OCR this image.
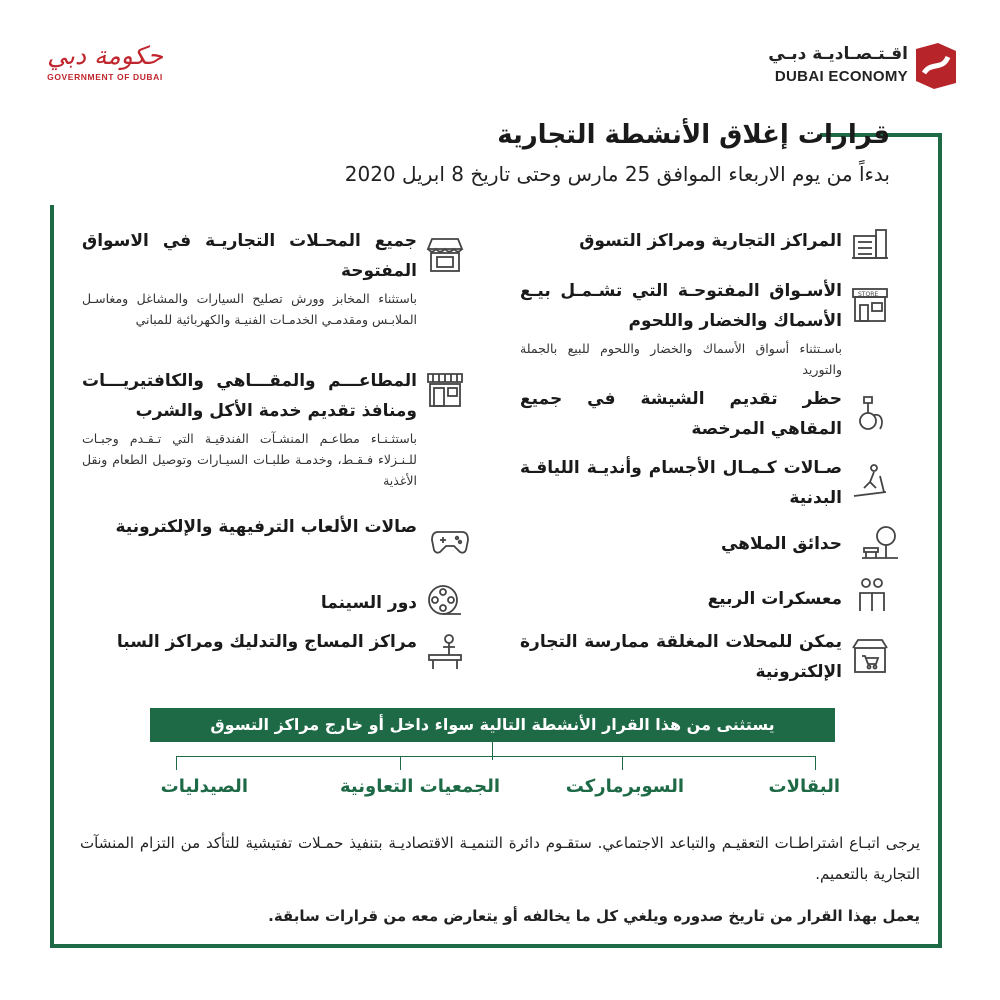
حكومة دبي
GOVERNMENT OF DUBAI
اقـتـصـاديـة دبـي
DUBAI ECONOMY
قرارات إغلاق الأنشطة التجارية
بدءاً من يوم الاربعاء الموافق 25 مارس وحتى تاريخ 8 ابريل 2020
المراكز التجارية ومراكز التسوق
STORE
الأسـواق المفتوحـة التي تشـمـل بيـع الأسماك والخضار واللحوم
باسـتثناء أسواق الأسماك والخضار واللحوم للبيع بالجملة والتوريد
حظر تقديم الشيشة في جميع المقاهي المرخصة
صـالات كـمـال الأجسام وأنديـة اللياقـة البدنية
حدائق الملاهي
معسكرات الربيع
يمكن للمحلات المغلقة ممارسة التجارة الإلكترونية
جميع المحـلات التجاريـة في الاسواق المفتوحة
باستثناء المخابز وورش تصليح السيارات والمشاغل ومغاسـل الملابـس ومقدمـي الخدمـات الفنيـة والكهربائية للمباني
المطاعـــم والمقـــاهي والكافتيريـــات ومنافذ تقديم خدمة الأكل والشرب
باستثـنـاء مطاعـم المنشـآت الفندقيـة التي تـقـدم وجبـات للـنـزلاء فـقـط، وخدمـة طلبـات السيـارات وتوصيل الطعام ونقل الأغذية
صالات الألعاب الترفيهية والإلكترونية
دور السينما
مراكز المساج والتدليك ومراكز السبا
يستثنى من هذا القرار الأنشطة التالية سواء داخل أو خارج مراكز التسوق
البقالات
السوبرماركت
الجمعيات التعاونية
الصيدليات
يرجى اتبـاع اشتراطـات التعقيـم والتباعد الاجتماعي. ستقـوم دائرة التنميـة الاقتصاديـة بتنفيذ حمـلات تفتيشية للتأكد من التزام المنشآت التجارية بالتعميم.
يعمل بهذا القرار من تاريخ صدوره ويلغي كل ما يخالفه أو يتعارض معه من قرارات سابقة.
